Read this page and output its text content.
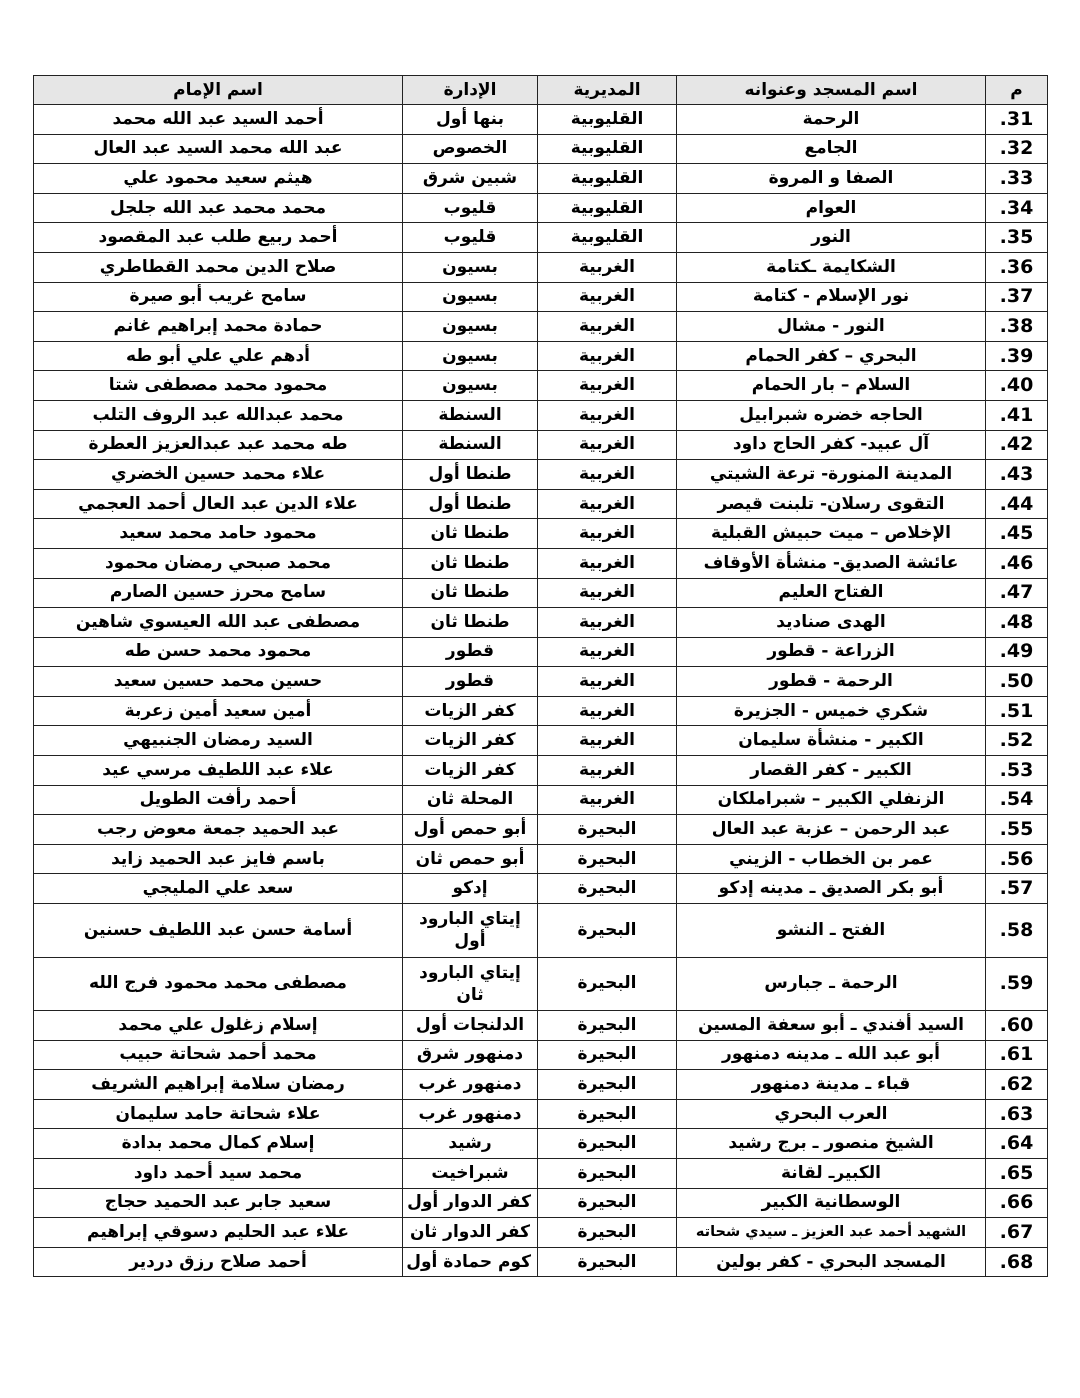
م	اسم المسجد وعنوانه	المديرية	الإدارة	اسم الإمام
31.	الرحمة	القليوبية	بنها أول	أحمد السيد عبد الله محمد
32.	الجامع	القليوبية	الخصوص	عبد الله محمد السيد عبد العال
33.	الصفا و المروة	القليوبية	شبين شرق	هيثم سعيد محمود علي
34.	العوام	القليوبية	قليوب	محمد محمد عبد الله جلجل
35.	النور	القليوبية	قليوب	أحمد ربيع طلب عبد المقصود
36.	الشكايمة ـكتامة	الغربية	بسيون	صلاح الدين محمد القطاطري
37.	نور الإسلام - كتامة	الغربية	بسيون	سامح غريب أبو صيرة
38.	النور - مشال	الغربية	بسيون	حمادة محمد إبراهيم غانم
39.	البحري – كفر الحمام	الغربية	بسيون	أدهم علي علي أبو طه
40.	السلام – بار الحمام	الغربية	بسيون	محمود محمد مصطفى شتا
41.	الحاجه خضره شبرابيل	الغربية	السنطة	محمد عبدالله عبد الروف التلب
42.	آل عبيد- كفر الحاج داود	الغربية	السنطة	طه محمد عبد عبدالعزيز العطرة
43.	المدينة المنورة- ترعة الشيتي	الغربية	طنطا أول	علاء محمد حسين الخضري
44.	التقوى رسلان- تلبنت قيصر	الغربية	طنطا أول	علاء الدين عبد العال أحمد العجمي
45.	الإخلاص – ميت حبيش القبلية	الغربية	طنطا ثان	محمود حامد محمد سعيد
46.	عائشة الصديق- منشأة الأوقاف	الغربية	طنطا ثان	محمد صبحي رمضان محمود
47.	الفتاح العليم	الغربية	طنطا ثان	سامح محرز حسين الصارم
48.	الهدى صناديد	الغربية	طنطا ثان	مصطفى عبد الله العيسوي شاهين
49.	الزراعة - قطور	الغربية	قطور	محمود محمد حسن طه
50.	الرحمة - قطور	الغربية	قطور	حسين محمد حسين سعيد
51.	شكري خميس - الجزيرة	الغربية	كفر الزيات	أمين سعيد أمين زعربة
52.	الكبير - منشأة سليمان	الغربية	كفر الزيات	السيد رمضان الجنبيهي
53.	الكبير - كفر القصار	الغربية	كفر الزيات	علاء عبد اللطيف مرسي عيد
54.	الزنفلي الكبير – شبراملكان	الغربية	المحلة ثان	أحمد رأفت الطويل
55.	عبد الرحمن – عزبة عبد العال	البحيرة	أبو حمص أول	عبد الحميد جمعة معوض رجب
56.	عمر بن الخطاب - الزيني	البحيرة	أبو حمص ثان	باسم فايز عبد الحميد زايد
57.	أبو بكر الصديق ـ مدينه إدكو	البحيرة	إدكو	سعد علي المليجي
58.	الفتح ـ النشو	البحيرة	إيتاي البارود أول	أسامة حسن عبد اللطيف حسنين
59.	الرحمة ـ جبارس	البحيرة	إيتاي البارود ثان	مصطفى محمد محمود فرج الله
60.	السيد أفندي ـ أبو سعفة المسين	البحيرة	الدلنجات أول	إسلام زغلول علي محمد
61.	أبو عبد الله ـ مدينه دمنهور	البحيرة	دمنهور شرق	محمد أحمد شحاتة حبيب
62.	قباء ـ مدينة دمنهور	البحيرة	دمنهور غرب	رمضان سلامة إبراهيم الشريف
63.	العرب البحري	البحيرة	دمنهور غرب	علاء شحاتة حامد سليمان
64.	الشيخ منصور ـ برج رشيد	البحيرة	رشيد	إسلام كمال محمد بدادة
65.	الكبيرـ لقانة	البحيرة	شبراخيت	محمد سيد أحمد داود
66.	الوسطانية الكبير	البحيرة	كفر الدوار أول	سعيد جابر عبد الحميد حجاج
67.	الشهيد أحمد عبد العزيز ـ سيدي شحاته	البحيرة	كفر الدوار ثان	علاء عبد الحليم دسوقي إبراهيم
68.	المسجد البحري - كفر بولين	البحيرة	كوم حمادة أول	أحمد صلاح رزق دردير
